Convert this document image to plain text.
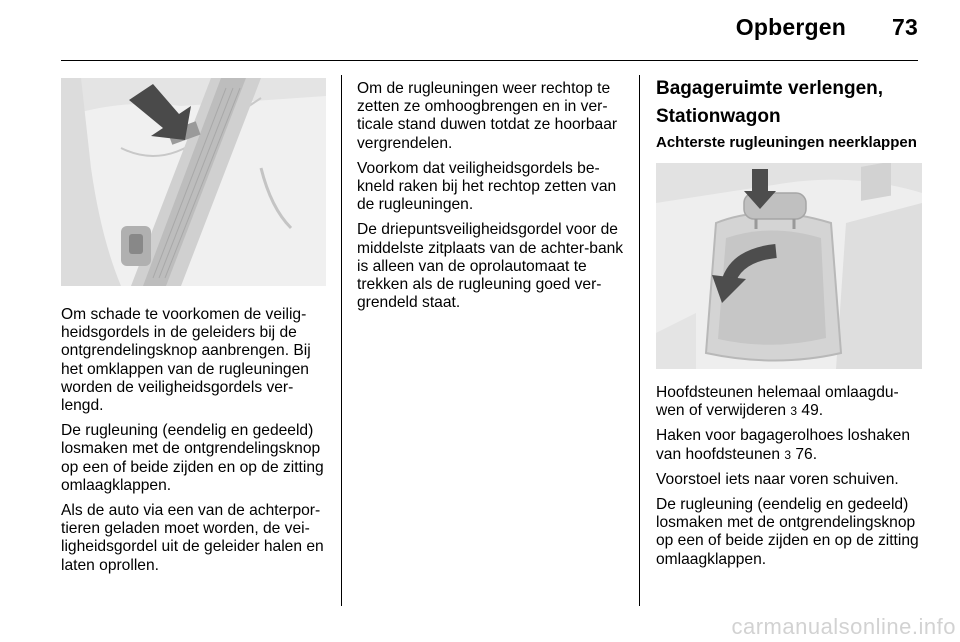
Opbergen 73

Om schade te voorkomen de veilig-heidsgordels in de geleiders bij de ontgrendelingsknop aanbrengen. Bij het omklappen van de rugleuningen worden de veiligheidsgordels ver-lengd.

De rugleuning (eendelig en gedeeld) losmaken met de ontgrendelingsknop op een of beide zijden en op de zitting omlaagklappen.

Als de auto via een van de achterpor-tieren geladen moet worden, de vei-ligheidsgordel uit de geleider halen en laten oprollen.

Om de rugleuningen weer rechtop te zetten ze omhoogbrengen en in ver-ticale stand duwen totdat ze hoorbaar vergrendelen.

Voorkom dat veiligheidsgordels be-kneld raken bij het rechtop zetten van de rugleuningen.

De driepuntsveiligheidsgordel voor de middelste zitplaats van de achter-bank is alleen van de oprolautomaat te trekken als de rugleuning goed ver-grendeld staat.

Bagageruimte verlengen,

Stationwagon

Achterste rugleuningen neerklappen

Hoofdsteunen helemaal omlaagdu-wen of verwijderen 3 49.

Haken voor bagagerolhoes loshaken van hoofdsteunen 3 76.

Voorstoel iets naar voren schuiven.

De rugleuning (eendelig en gedeeld) losmaken met de ontgrendelingsknop op een of beide zijden en op de zitting omlaagklappen.

carmanualsonline.info
